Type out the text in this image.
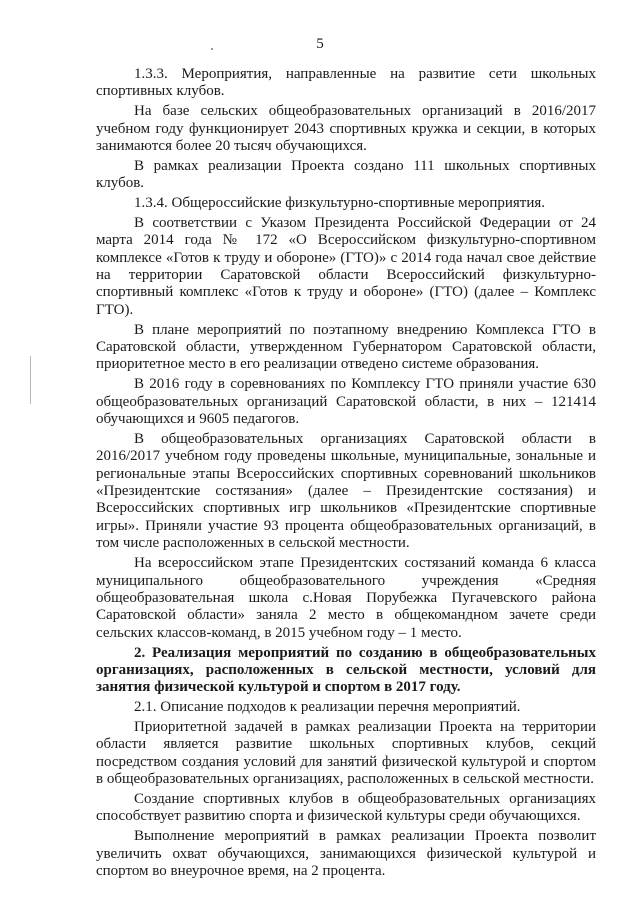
5

1.3.3. Мероприятия, направленные на развитие сети школьных спортивных клубов.

На базе сельских общеобразовательных организаций в 2016/2017 учебном году функционирует 2043 спортивных кружка и секции, в которых занимаются более 20 тысяч обучающихся.

В рамках реализации Проекта создано 111 школьных спортивных клубов.

1.3.4. Общероссийские физкультурно-спортивные мероприятия.

В соответствии с Указом Президента Российской Федерации от 24 марта 2014 года № 172 «О Всероссийском физкультурно-спортивном комплексе «Готов к труду и обороне» (ГТО)» с 2014 года начал свое действие на территории Саратовской области Всероссийский физкультурно-спортивный комплекс «Готов к труду и обороне» (ГТО) (далее – Комплекс ГТО).

В плане мероприятий по поэтапному внедрению Комплекса ГТО в Саратовской области, утвержденном Губернатором Саратовской области, приоритетное место в его реализации отведено системе образования.

В 2016 году в соревнованиях по Комплексу ГТО приняли участие 630 общеобразовательных организаций Саратовской области, в них – 121414 обучающихся и 9605 педагогов.

В общеобразовательных организациях Саратовской области в 2016/2017 учебном году проведены школьные, муниципальные, зональные и региональные этапы Всероссийских спортивных соревнований школьников «Президентские состязания» (далее – Президентские состязания) и Всероссийских спортивных игр школьников «Президентские спортивные игры». Приняли участие 93 процента общеобразовательных организаций, в том числе расположенных в сельской местности.

На всероссийском этапе Президентских состязаний команда 6 класса муниципального общеобразовательного учреждения «Средняя общеобразовательная школа с.Новая Порубежка Пугачевского района Саратовской области» заняла 2 место в общекомандном зачете среди сельских классов-команд, в 2015 учебном году – 1 место.

2. Реализация мероприятий по созданию в общеобразовательных организациях, расположенных в сельской местности, условий для занятия физической культурой и спортом в 2017 году.

2.1. Описание подходов к реализации перечня мероприятий.

Приоритетной задачей в рамках реализации Проекта на территории области является развитие школьных спортивных клубов, секций посредством создания условий для занятий физической культурой и спортом в общеобразовательных организациях, расположенных в сельской местности.

Создание спортивных клубов в общеобразовательных организациях способствует развитию спорта и физической культуры среди обучающихся.

Выполнение мероприятий в рамках реализации Проекта позволит увеличить охват обучающихся, занимающихся физической культурой и спортом во внеурочное время, на 2 процента.
